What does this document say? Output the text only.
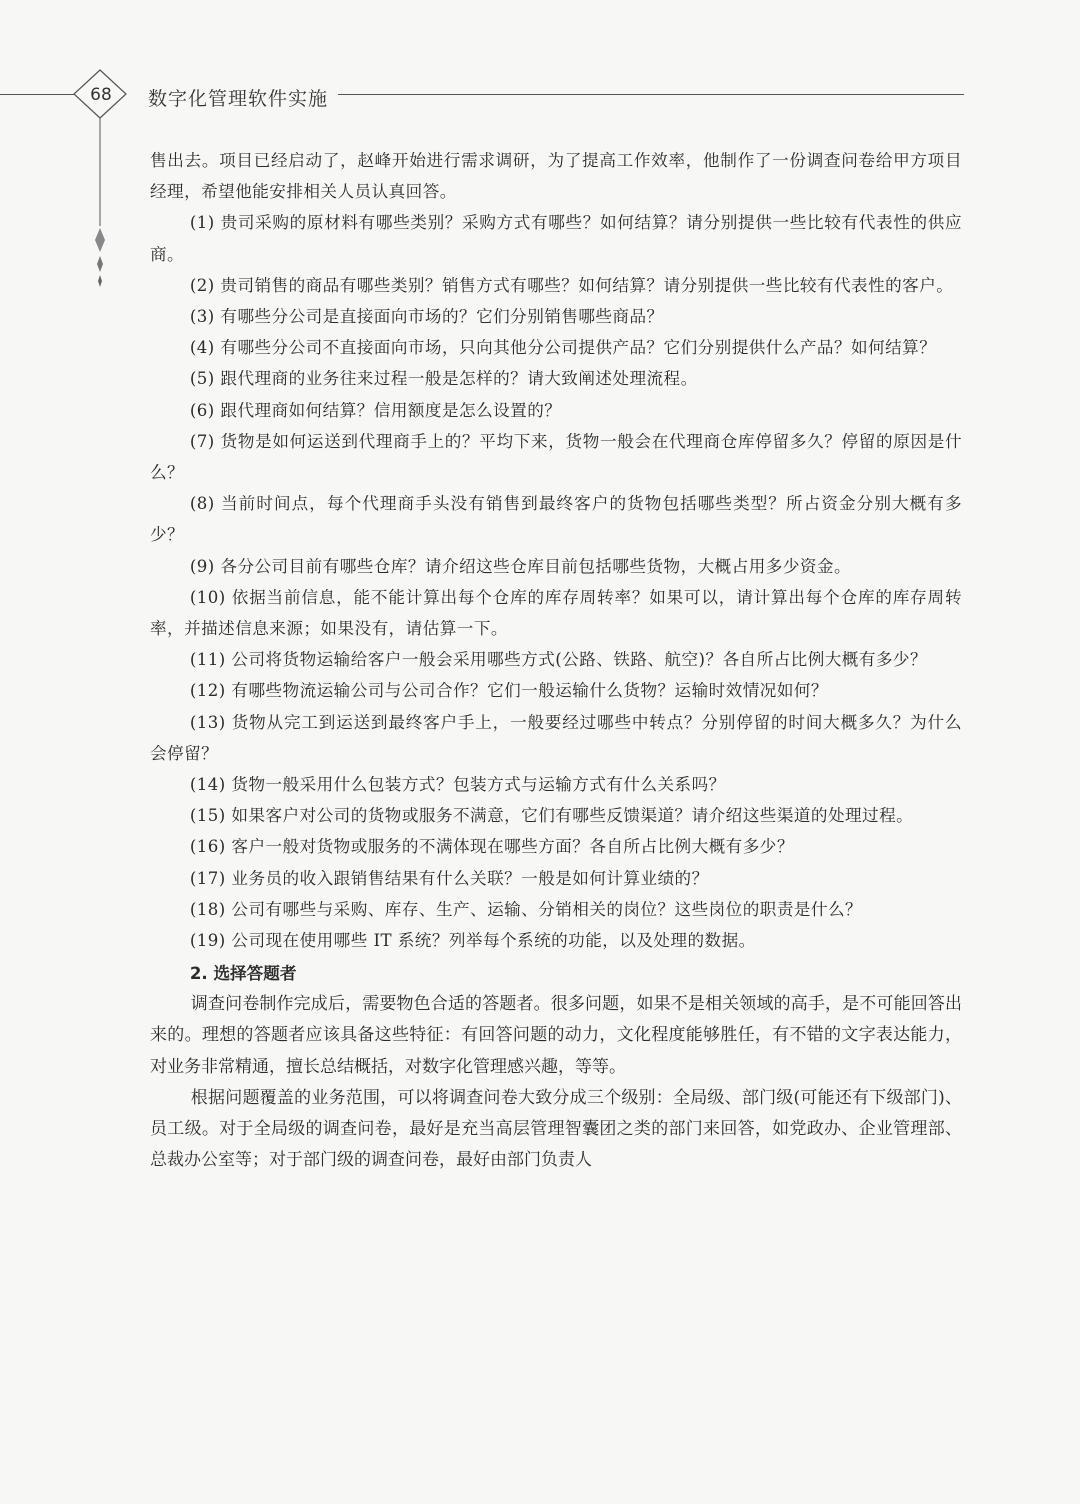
68	数字化管理软件实施

售出去。项目已经启动了，赵峰开始进行需求调研，为了提高工作效率，他制作了一份调查问卷给甲方项目经理，希望他能安排相关人员认真回答。

(1) 贵司采购的原材料有哪些类别？采购方式有哪些？如何结算？请分别提供一些比较有代表性的供应商。

(2) 贵司销售的商品有哪些类别？销售方式有哪些？如何结算？请分别提供一些比较有代表性的客户。

(3) 有哪些分公司是直接面向市场的？它们分别销售哪些商品？

(4) 有哪些分公司不直接面向市场，只向其他分公司提供产品？它们分别提供什么产品？如何结算？

(5) 跟代理商的业务往来过程一般是怎样的？请大致阐述处理流程。

(6) 跟代理商如何结算？信用额度是怎么设置的？

(7) 货物是如何运送到代理商手上的？平均下来，货物一般会在代理商仓库停留多久？停留的原因是什么？

(8) 当前时间点，每个代理商手头没有销售到最终客户的货物包括哪些类型？所占资金分别大概有多少？

(9) 各分公司目前有哪些仓库？请介绍这些仓库目前包括哪些货物，大概占用多少资金。

(10) 依据当前信息，能不能计算出每个仓库的库存周转率？如果可以，请计算出每个仓库的库存周转率，并描述信息来源；如果没有，请估算一下。

(11) 公司将货物运输给客户一般会采用哪些方式(公路、铁路、航空)？各自所占比例大概有多少？

(12) 有哪些物流运输公司与公司合作？它们一般运输什么货物？运输时效情况如何？

(13) 货物从完工到运送到最终客户手上，一般要经过哪些中转点？分别停留的时间大概多久？为什么会停留？

(14) 货物一般采用什么包装方式？包装方式与运输方式有什么关系吗？

(15) 如果客户对公司的货物或服务不满意，它们有哪些反馈渠道？请介绍这些渠道的处理过程。

(16) 客户一般对货物或服务的不满体现在哪些方面？各自所占比例大概有多少？

(17) 业务员的收入跟销售结果有什么关联？一般是如何计算业绩的？

(18) 公司有哪些与采购、库存、生产、运输、分销相关的岗位？这些岗位的职责是什么？

(19) 公司现在使用哪些 IT 系统？列举每个系统的功能，以及处理的数据。

2. 选择答题者

调查问卷制作完成后，需要物色合适的答题者。很多问题，如果不是相关领域的高手，是不可能回答出来的。理想的答题者应该具备这些特征：有回答问题的动力，文化程度能够胜任，有不错的文字表达能力，对业务非常精通，擅长总结概括，对数字化管理感兴趣，等等。

根据问题覆盖的业务范围，可以将调查问卷大致分成三个级别：全局级、部门级(可能还有下级部门)、员工级。对于全局级的调查问卷，最好是充当高层管理智囊团之类的部门来回答，如党政办、企业管理部、总裁办公室等；对于部门级的调查问卷，最好由部门负责人
